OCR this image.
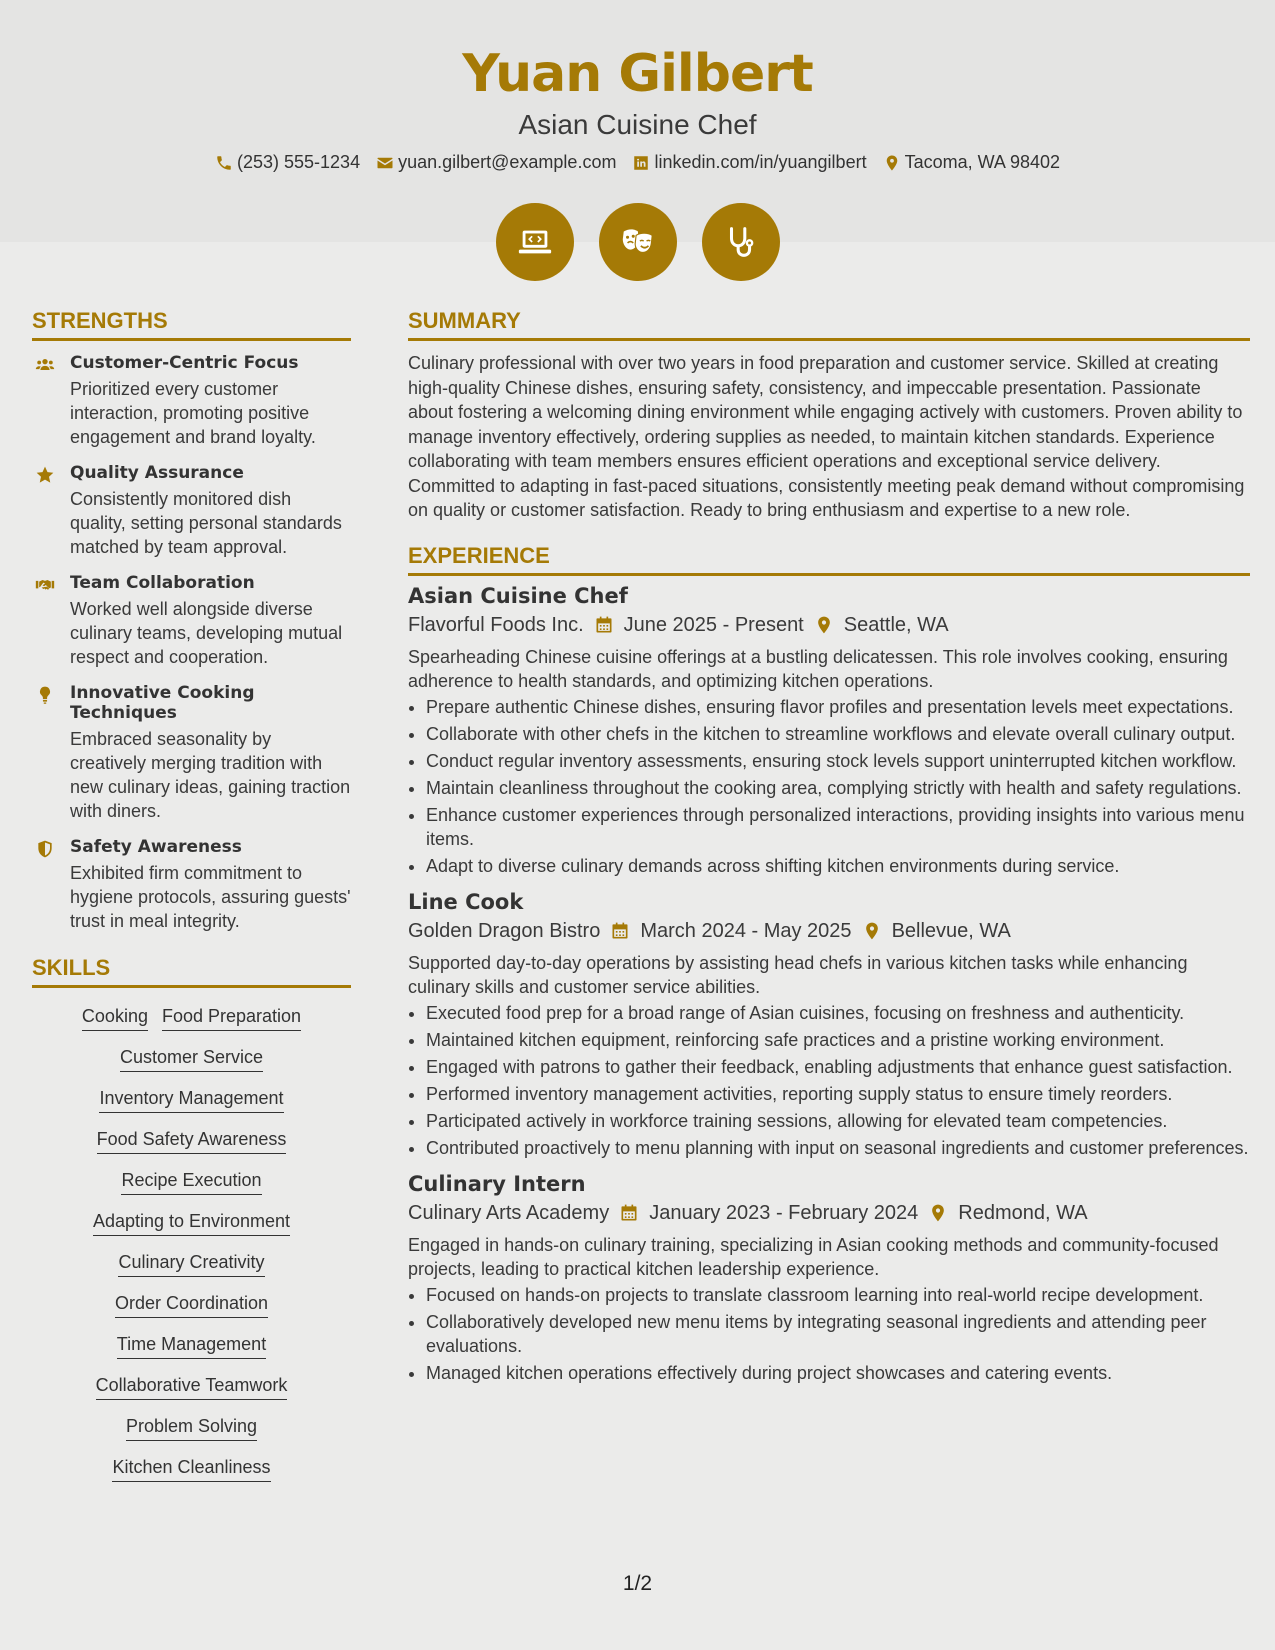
Yuan Gilbert
Asian Cuisine Chef
(253) 555-1234 yuan.gilbert@example.com linkedin.com/in/yuangilbert Tacoma, WA 98402
STRENGTHS
Customer-Centric Focus
Prioritized every customer interaction, promoting positive engagement and brand loyalty.
Quality Assurance
Consistently monitored dish quality, setting personal standards matched by team approval.
Team Collaboration
Worked well alongside diverse culinary teams, developing mutual respect and cooperation.
Innovative Cooking Techniques
Embraced seasonality by creatively merging tradition with new culinary ideas, gaining traction with diners.
Safety Awareness
Exhibited firm commitment to hygiene protocols, assuring guests' trust in meal integrity.
SKILLS
Cooking Food Preparation
Customer Service
Inventory Management
Food Safety Awareness
Recipe Execution
Adapting to Environment
Culinary Creativity
Order Coordination
Time Management
Collaborative Teamwork
Problem Solving
Kitchen Cleanliness
SUMMARY
Culinary professional with over two years in food preparation and customer service. Skilled at creating high-quality Chinese dishes, ensuring safety, consistency, and impeccable presentation. Passionate about fostering a welcoming dining environment while engaging actively with customers. Proven ability to manage inventory effectively, ordering supplies as needed, to maintain kitchen standards. Experience collaborating with team members ensures efficient operations and exceptional service delivery. Committed to adapting in fast-paced situations, consistently meeting peak demand without compromising on quality or customer satisfaction. Ready to bring enthusiasm and expertise to a new role.
EXPERIENCE
Asian Cuisine Chef
Flavorful Foods Inc. June 2025 - Present Seattle, WA
Spearheading Chinese cuisine offerings at a bustling delicatessen. This role involves cooking, ensuring adherence to health standards, and optimizing kitchen operations.
• Prepare authentic Chinese dishes, ensuring flavor profiles and presentation levels meet expectations.
• Collaborate with other chefs in the kitchen to streamline workflows and elevate overall culinary output.
• Conduct regular inventory assessments, ensuring stock levels support uninterrupted kitchen workflow.
• Maintain cleanliness throughout the cooking area, complying strictly with health and safety regulations.
• Enhance customer experiences through personalized interactions, providing insights into various menu items.
• Adapt to diverse culinary demands across shifting kitchen environments during service.
Line Cook
Golden Dragon Bistro March 2024 - May 2025 Bellevue, WA
Supported day-to-day operations by assisting head chefs in various kitchen tasks while enhancing culinary skills and customer service abilities.
• Executed food prep for a broad range of Asian cuisines, focusing on freshness and authenticity.
• Maintained kitchen equipment, reinforcing safe practices and a pristine working environment.
• Engaged with patrons to gather their feedback, enabling adjustments that enhance guest satisfaction.
• Performed inventory management activities, reporting supply status to ensure timely reorders.
• Participated actively in workforce training sessions, allowing for elevated team competencies.
• Contributed proactively to menu planning with input on seasonal ingredients and customer preferences.
Culinary Intern
Culinary Arts Academy January 2023 - February 2024 Redmond, WA
Engaged in hands-on culinary training, specializing in Asian cooking methods and community-focused projects, leading to practical kitchen leadership experience.
• Focused on hands-on projects to translate classroom learning into real-world recipe development.
• Collaboratively developed new menu items by integrating seasonal ingredients and attending peer evaluations.
• Managed kitchen operations effectively during project showcases and catering events.
1/2
